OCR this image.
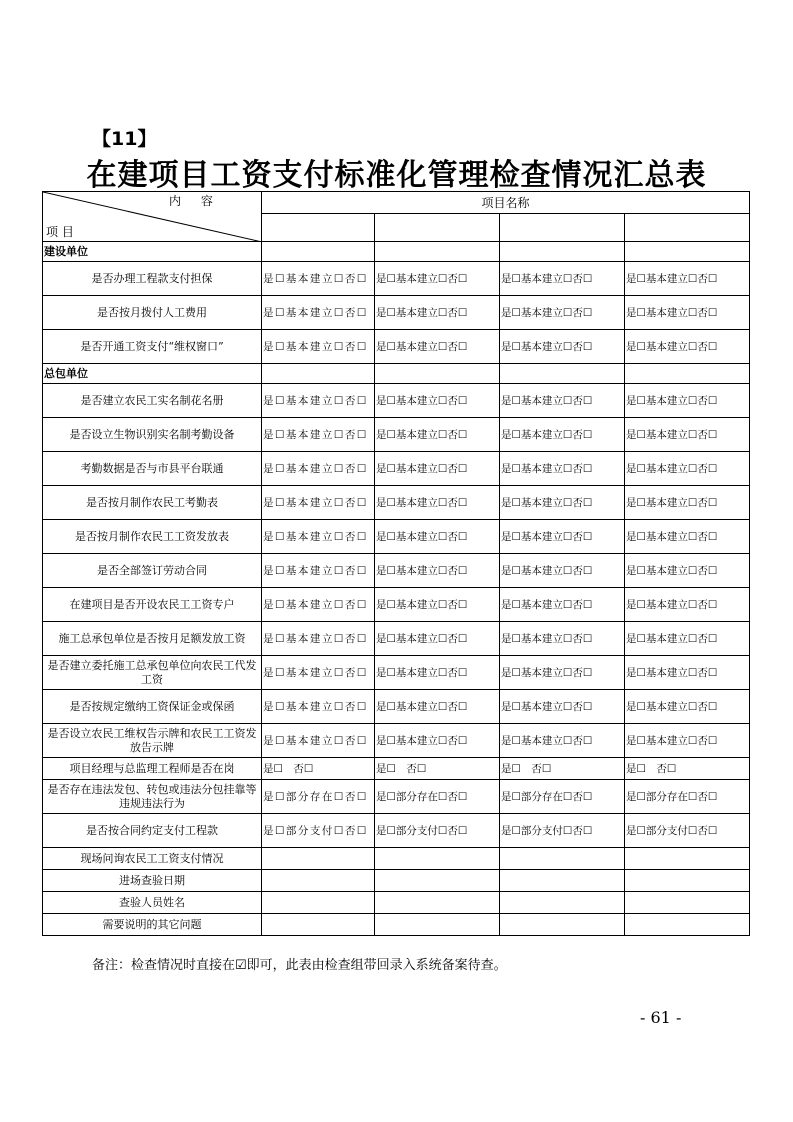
【11】
在建项目工资支付标准化管理检查情况汇总表
内 容
项 目	项目名称			

建设单位				
是否办理工程款支付担保	是☐基本建立☐否☐	是☐基本建立☐否☐	是☐基本建立☐否☐	是☐基本建立☐否☐
是否按月拨付人工费用	是☐基本建立☐否☐	是☐基本建立☐否☐	是☐基本建立☐否☐	是☐基本建立☐否☐
是否开通工资支付“维权窗口”	是☐基本建立☐否☐	是☐基本建立☐否☐	是☐基本建立☐否☐	是☐基本建立☐否☐
总包单位				
是否建立农民工实名制花名册	是☐基本建立☐否☐	是☐基本建立☐否☐	是☐基本建立☐否☐	是☐基本建立☐否☐
是否设立生物识别实名制考勤设备	是☐基本建立☐否☐	是☐基本建立☐否☐	是☐基本建立☐否☐	是☐基本建立☐否☐
考勤数据是否与市县平台联通	是☐基本建立☐否☐	是☐基本建立☐否☐	是☐基本建立☐否☐	是☐基本建立☐否☐
是否按月制作农民工考勤表	是☐基本建立☐否☐	是☐基本建立☐否☐	是☐基本建立☐否☐	是☐基本建立☐否☐
是否按月制作农民工工资发放表	是☐基本建立☐否☐	是☐基本建立☐否☐	是☐基本建立☐否☐	是☐基本建立☐否☐
是否全部签订劳动合同	是☐基本建立☐否☐	是☐基本建立☐否☐	是☐基本建立☐否☐	是☐基本建立☐否☐
在建项目是否开设农民工工资专户	是☐基本建立☐否☐	是☐基本建立☐否☐	是☐基本建立☐否☐	是☐基本建立☐否☐
施工总承包单位是否按月足额发放工资	是☐基本建立☐否☐	是☐基本建立☐否☐	是☐基本建立☐否☐	是☐基本建立☐否☐
是否建立委托施工总承包单位向农民工代发工资	是☐基本建立☐否☐	是☐基本建立☐否☐	是☐基本建立☐否☐	是☐基本建立☐否☐
是否按规定缴纳工资保证金或保函	是☐基本建立☐否☐	是☐基本建立☐否☐	是☐基本建立☐否☐	是☐基本建立☐否☐
是否设立农民工维权告示牌和农民工工资发放告示牌	是☐基本建立☐否☐	是☐基本建立☐否☐	是☐基本建立☐否☐	是☐基本建立☐否☐
项目经理与总监理工程师是否在岗	是☐　否☐	是☐　否☐	是☐　否☐	是☐　否☐
是否存在违法发包、转包或违法分包挂靠等违规违法行为	是☐部分存在☐否☐	是☐部分存在☐否☐	是☐部分存在☐否☐	是☐部分存在☐否☐
是否按合同约定支付工程款	是☐部分支付☐否☐	是☐部分支付☐否☐	是☐部分支付☐否☐	是☐部分支付☐否☐
现场问询农民工工资支付情况				
进场查验日期				
查验人员姓名				
需要说明的其它问题				
备注：检查情况时直接在☑即可，此表由检查组带回录入系统备案待查。
- 61 -
